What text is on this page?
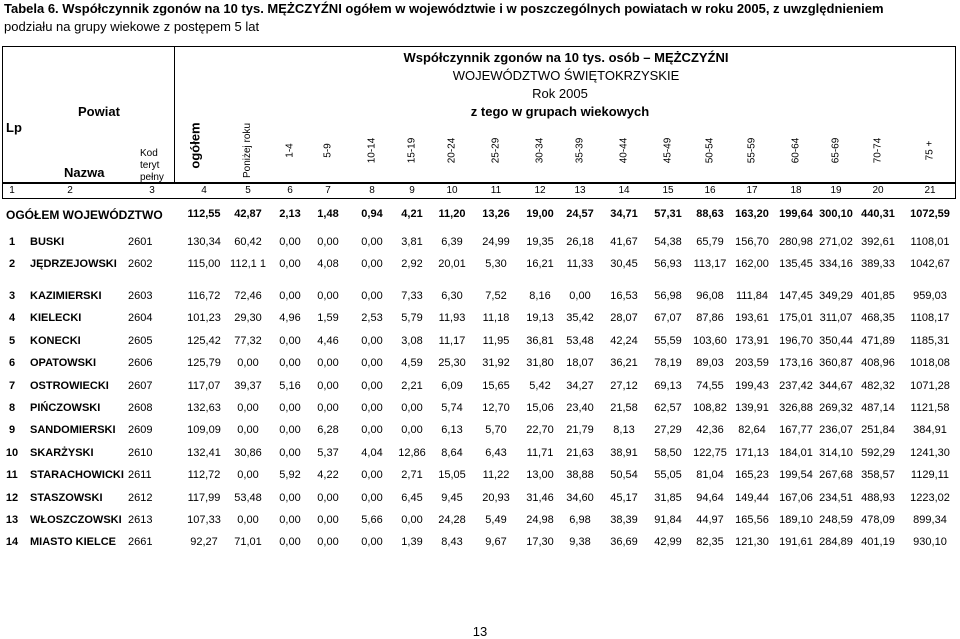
Tabela 6. Współczynnik zgonów na 10 tys. MĘŻCZYŹNI ogółem w województwie i w poszczególnych powiatach w roku 2005, z uwzględnieniem
podziału na grupy wiekowe z postępem 5 lat
Lp
Powiat
Nazwa
Kod
teryt
pełny
Współczynnik zgonów na 10 tys. osób – MĘŻCZYŹNI
WOJEWÓDZTWO ŚWIĘTOKRZYSKIE
Rok 2005
z tego w grupach wiekowych
ogółem	Poniżej roku	1-4	5-9	10-14	15-19	20-24	25-29	30-34	35-39	40-44	45-49	50-54	55-59	60-64	65-69	70-74	75 +
1	2	3	4	5	6	7	8	9	10	11	12	13	14	15	16	17	18	19	20	21
OGÓŁEM WOJEWÓDZTWO	112,55	42,87	2,13	1,48	0,94	4,21	11,20	13,26	19,00	24,57	34,71	57,31	88,63	163,20 199,64 300,10 440,31	1072,59
1	BUSKI	2601	130,34	60,42	0,00	0,00	0,00	3,81	6,39	24,99	19,35	26,18	41,67	54,38	65,79	156,70 280,98 271,02 392,61	1108,01
2	JĘDRZEJOWSKI 2602	115,00 112,1 1	0,00	4,08	0,00	2,92	20,01	5,30	16,21	11,33	30,45	56,93	113,17 162,00 135,45 334,16 389,33	1042,67
3	KAZIMIERSKI 2603	116,72	72,46	0,00	0,00	0,00	7,33	6,30	7,52	8,16	0,00	16,53	56,98	96,08	111,84	147,45 349,29 401,85	959,03
4	KIELECKI	2604	101,23	29,30	4,96	1,59	2,53	5,79	11,93	11,18	19,13	35,42	28,07	67,07	87,86	193,61 175,01 311,07 468,35	1108,17
5	KONECKI	2605	125,42	77,32	0,00	4,46	0,00	3,08	11,17	11,95	36,81	53,48	42,24	55,59	103,60 173,91 196,70 350,44 471,89	1185,31
6	OPATOWSKI	2606	125,79	0,00	0,00	0,00	0,00	4,59	25,30	31,92	31,80	18,07	36,21	78,19	89,03	203,59 173,16 360,87 408,96	1018,08
7	OSTROWIECKI 2607	117,07	39,37	5,16	0,00	0,00	2,21	6,09	15,65	5,42	34,27	27,12	69,13	74,55	199,43 237,42 344,67 482,32	1071,28
8	PIŃCZOWSKI	2608	132,63	0,00	0,00	0,00	0,00	0,00	5,74	12,70	15,06	23,40	21,58	62,57	108,82 139,91 326,88 269,32 487,14	1121,58
9	SANDOMIERSKI 2609	109,09	0,00	0,00	6,28	0,00	0,00	6,13	5,70	22,70	21,79	8,13	27,29	42,36	82,64	167,77 236,07 251,84	384,91
10	SKARŻYSKI	2610	132,41	30,86	0,00	5,37	4,04	12,86	8,64	6,43	11,71	21,63	38,91	58,50	122,75 171,13 184,01 314,10 592,29	1241,30
11	STARACHOWICKI 2611	112,72	0,00	5,92	4,22	0,00	2,71	15,05	11,22	13,00	38,88	50,54	55,05	81,04	165,23 199,54 267,68 358,57	1129,11
12	STASZOWSKI 2612	117,99	53,48	0,00	0,00	0,00	6,45	9,45	20,93	31,46	34,60	45,17	31,85	94,64	149,44 167,06 234,51 488,93	1223,02
13	WŁOSZCZOWSKI 2613	107,33	0,00	0,00	0,00	5,66	0,00	24,28	5,49	24,98	6,98	38,39	91,84	44,97	165,56 189,10 248,59 478,09	899,34
14	MIASTO KIELCE 2661	92,27	71,01	0,00	0,00	0,00	1,39	8,43	9,67	17,30	9,38	36,69	42,99	82,35	121,30 191,61 284,89 401,19	930,10
13
